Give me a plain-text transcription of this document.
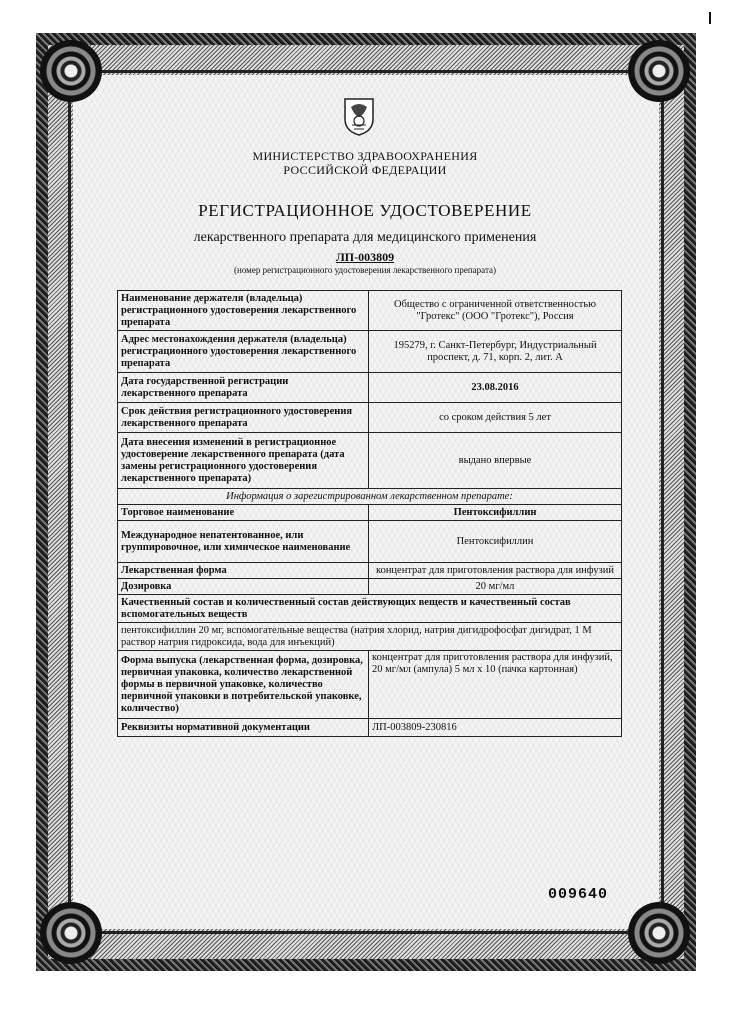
МИНИСТЕРСТВО ЗДРАВООХРАНЕНИЯ
РОССИЙСКОЙ ФЕДЕРАЦИИ
РЕГИСТРАЦИОННОЕ УДОСТОВЕРЕНИЕ
лекарственного препарата для медицинского применения
ЛП-003809
(номер регистрационного удостоверения лекарственного препарата)
Наименование держателя (владельца) регистрационного удостоверения лекарственного препарата	Общество с ограниченной ответственностью "Гротекс" (ООО "Гротекс"), Россия
Адрес местонахождения держателя (владельца) регистрационного удостоверения лекарственного препарата	195279, г. Санкт-Петербург, Индустриальный проспект, д. 71, корп. 2, лит. А
Дата государственной регистрации лекарственного препарата	23.08.2016
Срок действия регистрационного удостоверения лекарственного препарата	со сроком действия 5 лет
Дата внесения изменений в регистрационное удостоверение лекарственного препарата (дата замены регистрационного удостоверения лекарственного препарата)	выдано впервые
Информация о зарегистрированном лекарственном препарате:	
Торговое наименование	Пентоксифиллин
Международное непатентованное, или группировочное, или химическое наименование	Пентоксифиллин
Лекарственная форма	концентрат для приготовления раствора для инфузий
Дозировка	20 мг/мл
Качественный состав и количественный состав действующих веществ и качественный состав вспомогательных веществ	
пентоксифиллин 20 мг, вспомогательные вещества (натрия хлорид, натрия дигидрофосфат дигидрат, 1 М раствор натрия гидроксида, вода для инъекций)	
Форма выпуска (лекарственная форма, дозировка, первичная упаковка, количество лекарственной формы в первичной упаковке, количество первичной упаковки в потребительской упаковке, количество)	концентрат для приготовления раствора для инфузий, 20 мг/мл (ампула) 5 мл х 10 (пачка картонная)
Реквизиты нормативной документации	ЛП-003809-230816
009640
